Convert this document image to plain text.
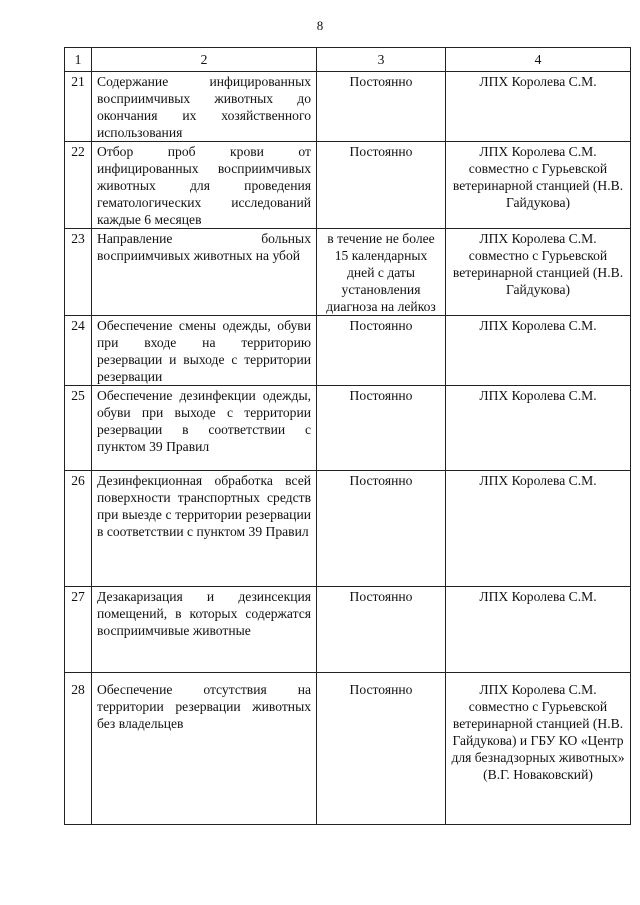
8
1	2	3	4
21	Содержание инфицированных восприимчивых животных до окончания их хозяйственного использования	Постоянно	ЛПХ Королева С.М.
22	Отбор проб крови от инфицированных восприимчивых животных для проведения гематологических исследований каждые 6 месяцев	Постоянно	ЛПХ Королева С.М. совместно с Гурьевской ветеринарной станцией (Н.В. Гайдукова)
23	Направление больных восприимчивых животных на убой	в течение не более 15 календарных дней с даты установления диагноза на лейкоз	ЛПХ Королева С.М. совместно с Гурьевской ветеринарной станцией (Н.В. Гайдукова)
24	Обеспечение смены одежды, обуви при входе на территорию резервации и выходе с территории резервации	Постоянно	ЛПХ Королева С.М.
25	Обеспечение дезинфекции одежды, обуви при выходе с территории резервации в соответствии с пунктом 39 Правил	Постоянно	ЛПХ Королева С.М.
26	Дезинфекционная обработка всей поверхности транспортных средств при выезде с территории резервации в соответствии с пунктом 39 Правил	Постоянно	ЛПХ Королева С.М.
27	Дезакаризация и дезинсекция помещений, в которых содержатся восприимчивые животные	Постоянно	ЛПХ Королева С.М.
28	Обеспечение отсутствия на территории резервации животных без владельцев	Постоянно	ЛПХ Королева С.М. совместно с Гурьевской ветеринарной станцией (Н.В. Гайдукова) и ГБУ КО «Центр для безнадзорных животных» (В.Г. Новаковский)
